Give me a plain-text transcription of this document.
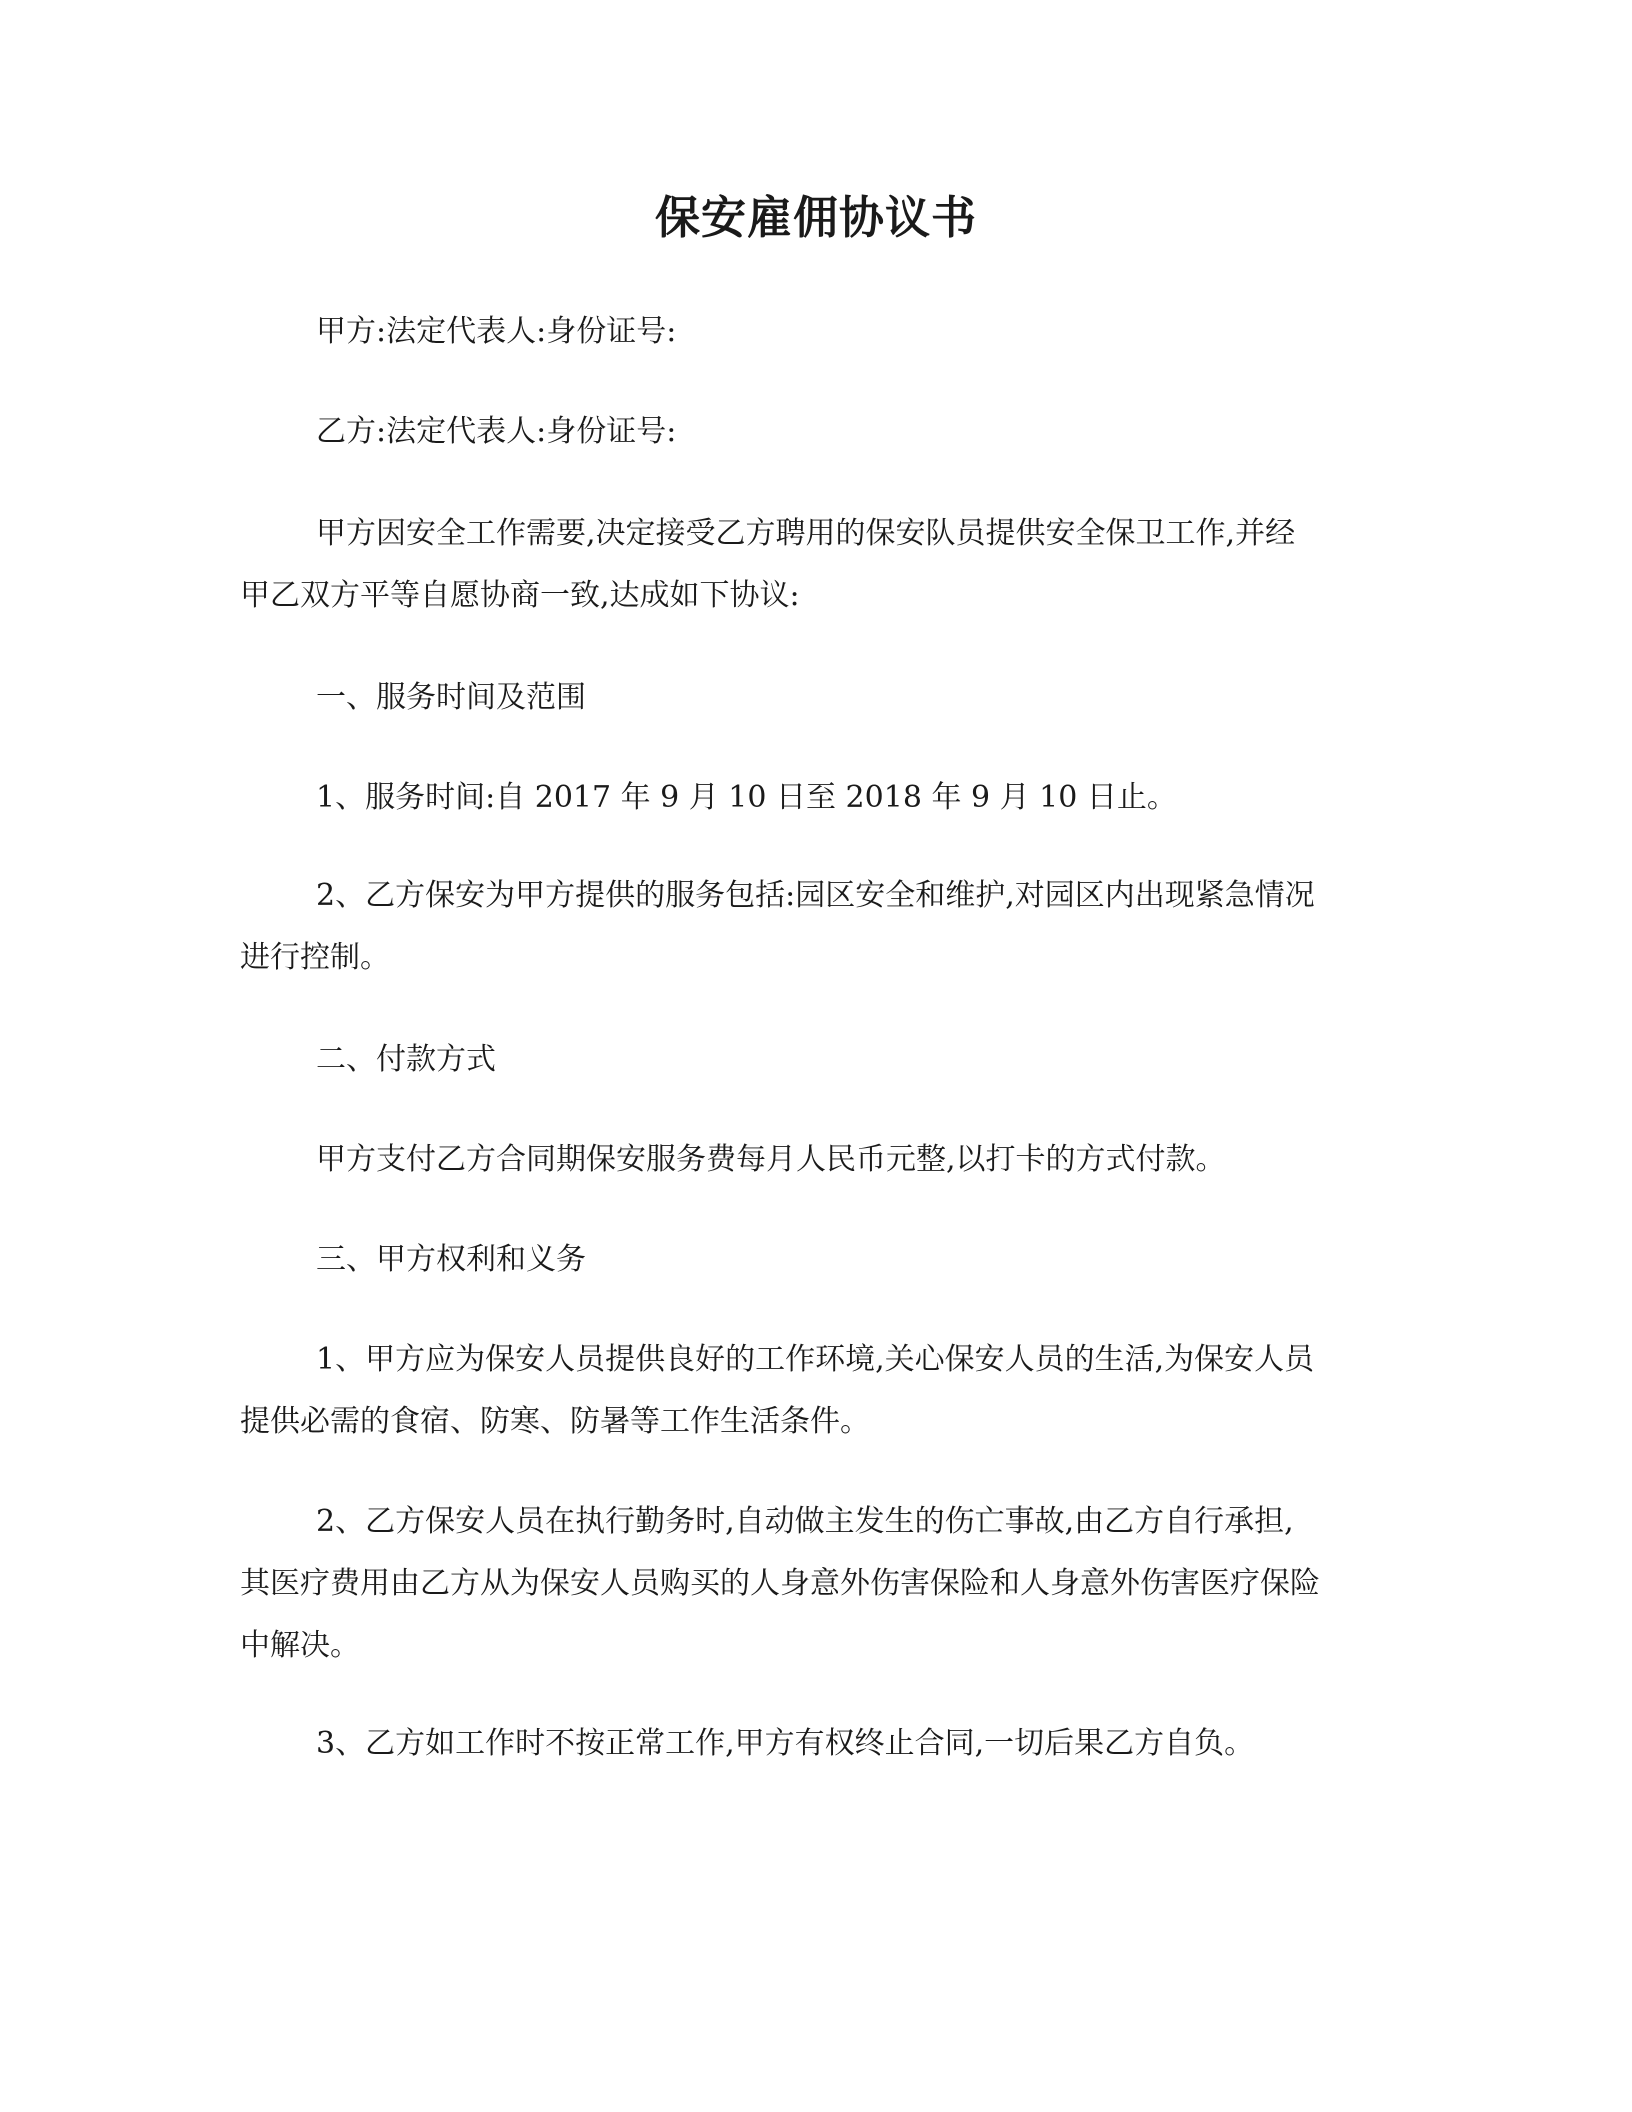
保安雇佣协议书

甲方:法定代表人:身份证号:

乙方:法定代表人:身份证号:

甲方因安全工作需要,决定接受乙方聘用的保安队员提供安全保卫工作,并经
甲乙双方平等自愿协商一致,达成如下协议:

一、服务时间及范围

1、服务时间:自 2017 年 9 月 10 日至 2018 年 9 月 10 日止。

2、乙方保安为甲方提供的服务包括:园区安全和维护,对园区内出现紧急情况
进行控制。

二、付款方式

甲方支付乙方合同期保安服务费每月人民币元整,以打卡的方式付款。

三、甲方权利和义务

1、甲方应为保安人员提供良好的工作环境,关心保安人员的生活,为保安人员
提供必需的食宿、防寒、防暑等工作生活条件。
2、乙方保安人员在执行勤务时,自动做主发生的伤亡事故,由乙方自行承担,
其医疗费用由乙方从为保安人员购买的人身意外伤害保险和人身意外伤害医疗保险
中解决。

3、乙方如工作时不按正常工作,甲方有权终止合同,一切后果乙方自负。
